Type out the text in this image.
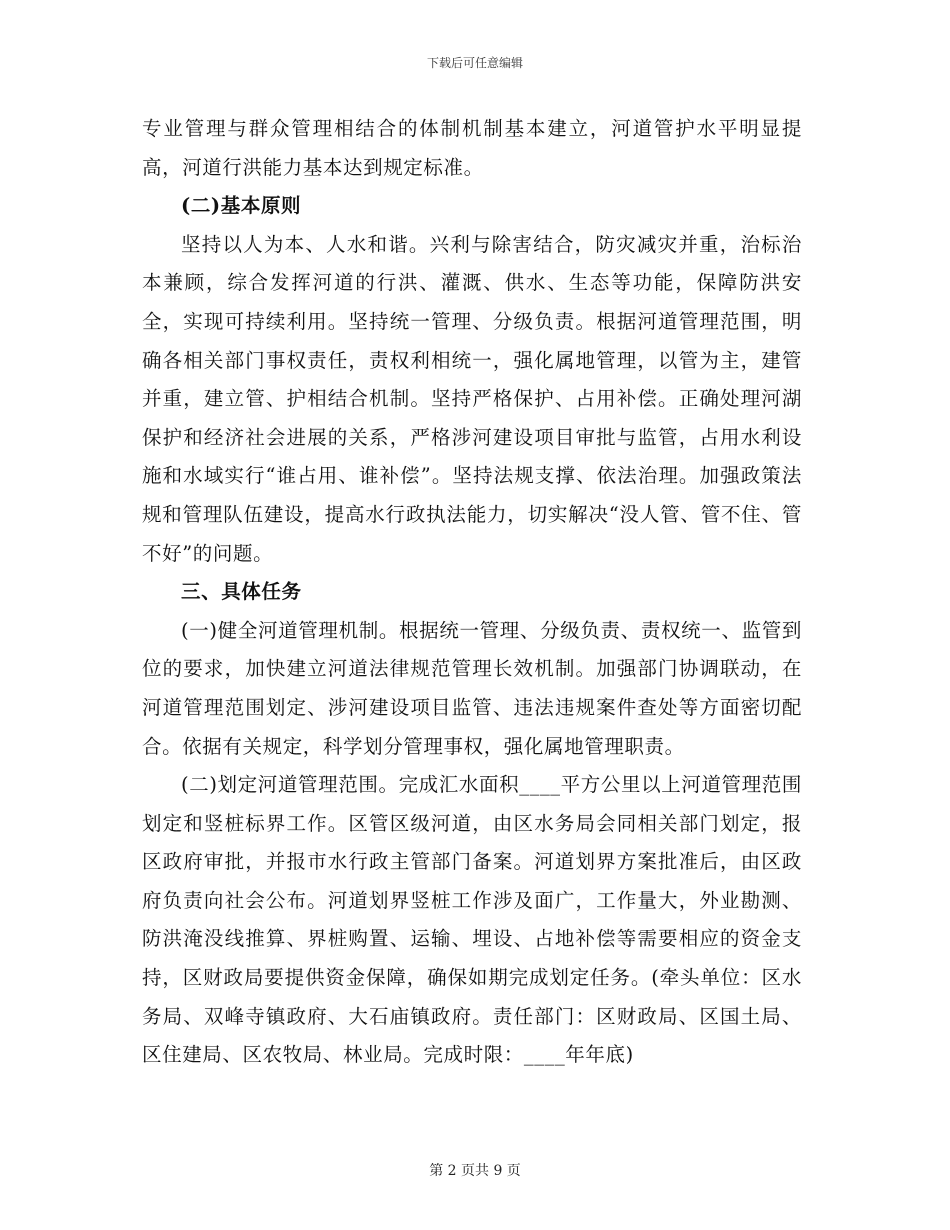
下载后可任意编辑

专业管理与群众管理相结合的体制机制基本建立，河道管护水平明显提高，河道行洪能力基本达到规定标准。

(二)基本原则

坚持以人为本、人水和谐。兴利与除害结合，防灾减灾并重，治标治本兼顾，综合发挥河道的行洪、灌溉、供水、生态等功能，保障防洪安全，实现可持续利用。坚持统一管理、分级负责。根据河道管理范围，明确各相关部门事权责任，责权利相统一，强化属地管理，以管为主，建管并重，建立管、护相结合机制。坚持严格保护、占用补偿。正确处理河湖保护和经济社会进展的关系，严格涉河建设项目审批与监管，占用水利设施和水域实行“谁占用、谁补偿”。坚持法规支撑、依法治理。加强政策法规和管理队伍建设，提高水行政执法能力，切实解决“没人管、管不住、管不好”的问题。

三、具体任务

(一)健全河道管理机制。根据统一管理、分级负责、责权统一、监管到位的要求，加快建立河道法律规范管理长效机制。加强部门协调联动，在河道管理范围划定、涉河建设项目监管、违法违规案件查处等方面密切配合。依据有关规定，科学划分管理事权，强化属地管理职责。

(二)划定河道管理范围。完成汇水面积____平方公里以上河道管理范围划定和竖桩标界工作。区管区级河道，由区水务局会同相关部门划定，报区政府审批，并报市水行政主管部门备案。河道划界方案批准后，由区政府负责向社会公布。河道划界竖桩工作涉及面广，工作量大，外业勘测、防洪淹没线推算、界桩购置、运输、埋设、占地补偿等需要相应的资金支持，区财政局要提供资金保障，确保如期完成划定任务。(牵头单位：区水务局、双峰寺镇政府、大石庙镇政府。责任部门：区财政局、区国土局、区住建局、区农牧局、林业局。完成时限：____年年底)

第 2 页共 9 页
